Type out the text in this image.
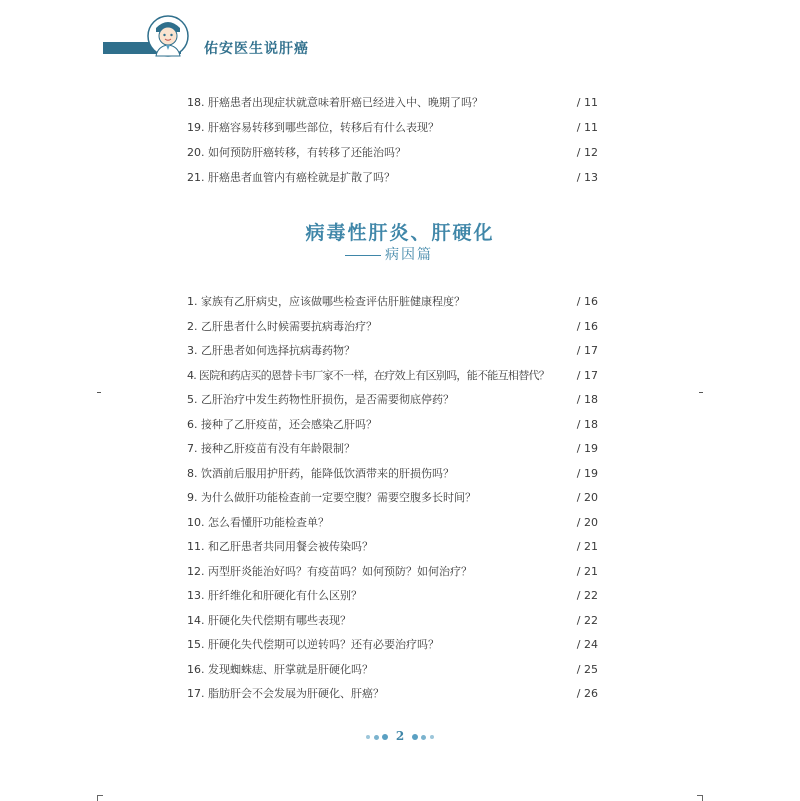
佑安医生说肝癌
18. 肝癌患者出现症状就意味着肝癌已经进入中、晚期了吗？	/ 11
19. 肝癌容易转移到哪些部位，转移后有什么表现？	/ 11
20. 如何预防肝癌转移，有转移了还能治吗？	/ 12
21. 肝癌患者血管内有癌栓就是扩散了吗？	/ 13
病毒性肝炎、肝硬化
病因篇
1. 家族有乙肝病史，应该做哪些检查评估肝脏健康程度？	/ 16
2. 乙肝患者什么时候需要抗病毒治疗？	/ 16
3. 乙肝患者如何选择抗病毒药物？	/ 17
4. 医院和药店买的恩替卡韦厂家不一样，在疗效上有区别吗，能不能互相替代？	/ 17
5. 乙肝治疗中发生药物性肝损伤，是否需要彻底停药？	/ 18
6. 接种了乙肝疫苗，还会感染乙肝吗？	/ 18
7. 接种乙肝疫苗有没有年龄限制？	/ 19
8. 饮酒前后服用护肝药，能降低饮酒带来的肝损伤吗？	/ 19
9. 为什么做肝功能检查前一定要空腹？需要空腹多长时间？	/ 20
10. 怎么看懂肝功能检查单？	/ 20
11. 和乙肝患者共同用餐会被传染吗？	/ 21
12. 丙型肝炎能治好吗？有疫苗吗？如何预防？如何治疗？	/ 21
13. 肝纤维化和肝硬化有什么区别？	/ 22
14. 肝硬化失代偿期有哪些表现？	/ 22
15. 肝硬化失代偿期可以逆转吗？还有必要治疗吗？	/ 24
16. 发现蜘蛛痣、肝掌就是肝硬化吗？	/ 25
17. 脂肪肝会不会发展为肝硬化、肝癌？	/ 26
2
